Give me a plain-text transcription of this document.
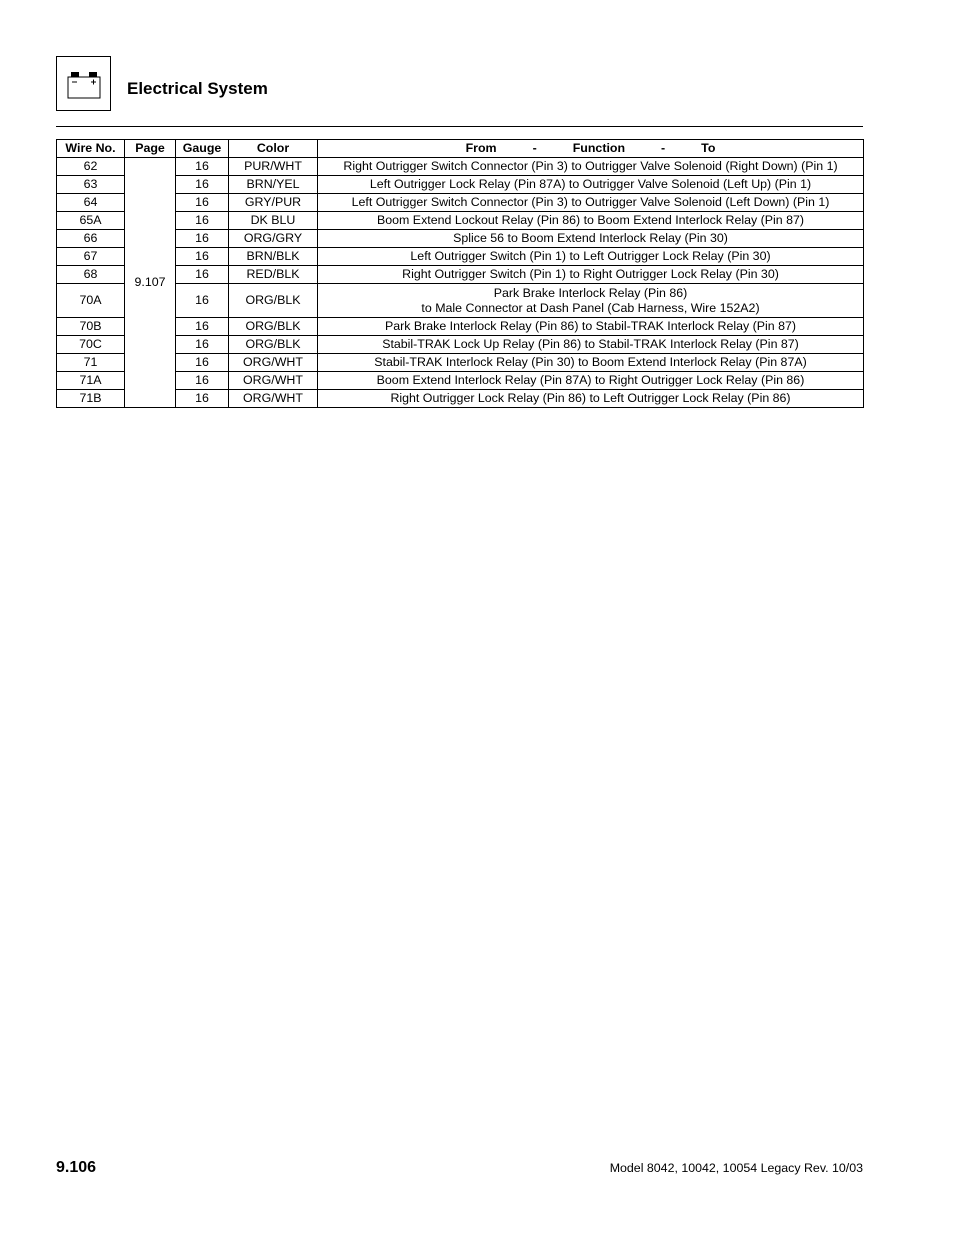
Electrical System
Wire No.	Page	Gauge	Color	From - Function - To
62	9.107	16	PUR/WHT	Right Outrigger Switch Connector (Pin 3) to Outrigger Valve Solenoid (Right Down) (Pin 1)

63		16	BRN/YEL	Left Outrigger Lock Relay (Pin 87A) to Outrigger Valve Solenoid (Left Up) (Pin 1)

64		16	GRY/PUR	Left Outrigger Switch Connector (Pin 3) to Outrigger Valve Solenoid (Left Down) (Pin 1)

65A		16	DK BLU	Boom Extend Lockout Relay (Pin 86) to Boom Extend Interlock Relay (Pin 87)

66		16	ORG/GRY	Splice 56 to Boom Extend Interlock Relay (Pin 30)

67		16	BRN/BLK	Left Outrigger Switch (Pin 1) to Left Outrigger Lock Relay (Pin 30)

68		16	RED/BLK	Right Outrigger Switch (Pin 1) to Right Outrigger Lock Relay (Pin 30)

70A		16	ORG/BLK	Park Brake Interlock Relay (Pin 86)
to Male Connector at Dash Panel (Cab Harness, Wire 152A2)

70B		16	ORG/BLK	Park Brake Interlock Relay (Pin 86) to Stabil-TRAK Interlock Relay (Pin 87)

70C		16	ORG/BLK	Stabil-TRAK Lock Up Relay (Pin 86) to Stabil-TRAK Interlock Relay (Pin 87)

71		16	ORG/WHT	Stabil-TRAK Interlock Relay (Pin 30) to Boom Extend Interlock Relay (Pin 87A)

71A		16	ORG/WHT	Boom Extend Interlock Relay (Pin 87A) to Right Outrigger Lock Relay (Pin 86)

71B		16	ORG/WHT	Right Outrigger Lock Relay (Pin 86) to Left Outrigger Lock Relay (Pin 86)
9.106	Model 8042, 10042, 10054 Legacy Rev. 10/03
